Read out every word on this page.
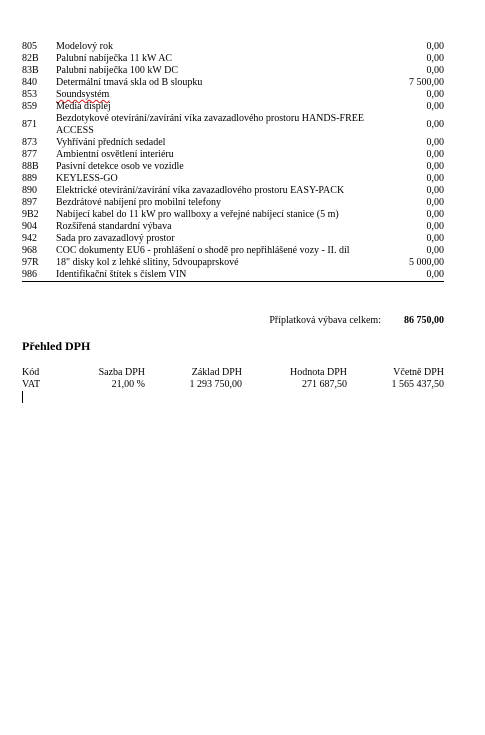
805	Modelový rok	0,00
82B	Palubní nabíječka 11 kW AC	0,00
83B	Palubní nabíječka 100 kW DC	0,00
840	Determální tmavá skla od B sloupku	7 500,00
853	Soundsystém	0,00
859	Media displej	0,00
871	Bezdotykové otevírání/zavírání víka zavazadlového prostoru HANDS-FREE ACCESS	0,00
873	Vyhřívání předních sedadel	0,00
877	Ambientní osvětlení interiéru	0,00
88B	Pasivní detekce osob ve vozidle	0,00
889	KEYLESS-GO	0,00
890	Elektrické otevírání/zavírání víka zavazadlového prostoru EASY-PACK	0,00
897	Bezdrátové nabíjení pro mobilní telefony	0,00
9B2	Nabíjecí kabel do 11 kW pro wallboxy a veřejné nabíjecí stanice (5 m)	0,00
904	Rozšířená standardní výbava	0,00
942	Sada pro zavazadlový prostor	0,00
968	COC dokumenty EU6 - prohlášení o shodě pro nepřihlášené vozy - II. díl	0,00
97R	18" disky kol z lehké slitiny, 5dvoupaprskové	5 000,00
986	Identifikační štítek s číslem VIN	0,00
Příplatková výbava celkem: 86 750,00
Přehled DPH
Kód	Sazba DPH	Základ DPH	Hodnota DPH	Včetně DPH
VAT	21,00 %	1 293 750,00	271 687,50	1 565 437,50
